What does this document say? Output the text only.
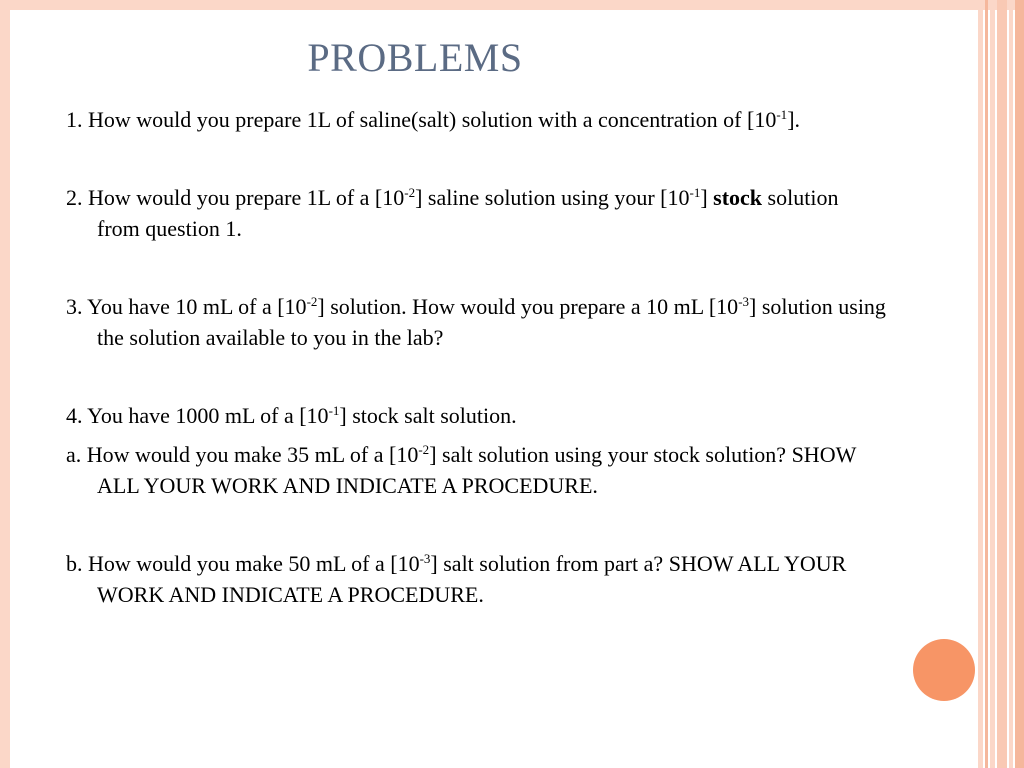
PROBLEMS

1. How would you prepare 1L of saline(salt) solution with a concentration of $[10^{-1}]$.

2. How would you prepare 1L of a $[10^{-2}]$ saline solution using your $[10^{-1}]$ stock solution from question 1.

3. You have 10 mL of a $[10^{-2}]$ solution. How would you prepare a 10 mL $[10^{-3}]$ solution using the solution available to you in the lab?

4. You have 1000 mL of a $[10^{-1}]$ stock salt solution.

a. How would you make 35 mL of a $[10^{-2}]$ salt solution using your stock solution? SHOW ALL YOUR WORK AND INDICATE A PROCEDURE.

b. How would you make 50 mL of a $[10^{-3}]$ salt solution from part a? SHOW ALL YOUR WORK AND INDICATE A PROCEDURE.
